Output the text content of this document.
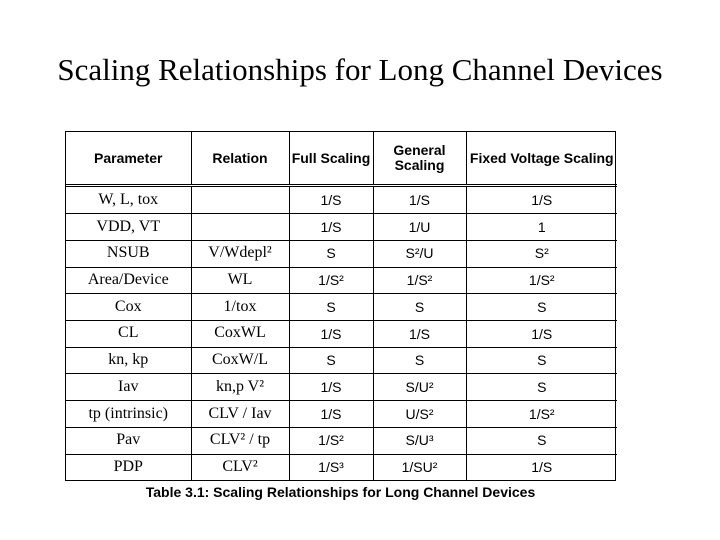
Scaling Relationships for Long Channel Devices
Parameter	Relation	Full Scaling	General Scaling	Fixed Voltage Scaling
W, L, tox		1/S	1/S	1/S
VDD, VT		1/S	1/U	1
NSUB	V/Wdepl²	S	S²/U	S²
Area/Device	WL	1/S²	1/S²	1/S²
Cox	1/tox	S	S	S
CL	CoxWL	1/S	1/S	1/S
kn, kp	CoxW/L	S	S	S
Iav	kn,p V²	1/S	S/U²	S
tp (intrinsic)	CLV / Iav	1/S	U/S²	1/S²
Pav	CLV² / tp	1/S²	S/U³	S
PDP	CLV²	1/S³	1/SU²	1/S
Table 3.1: Scaling Relationships for Long Channel Devices
